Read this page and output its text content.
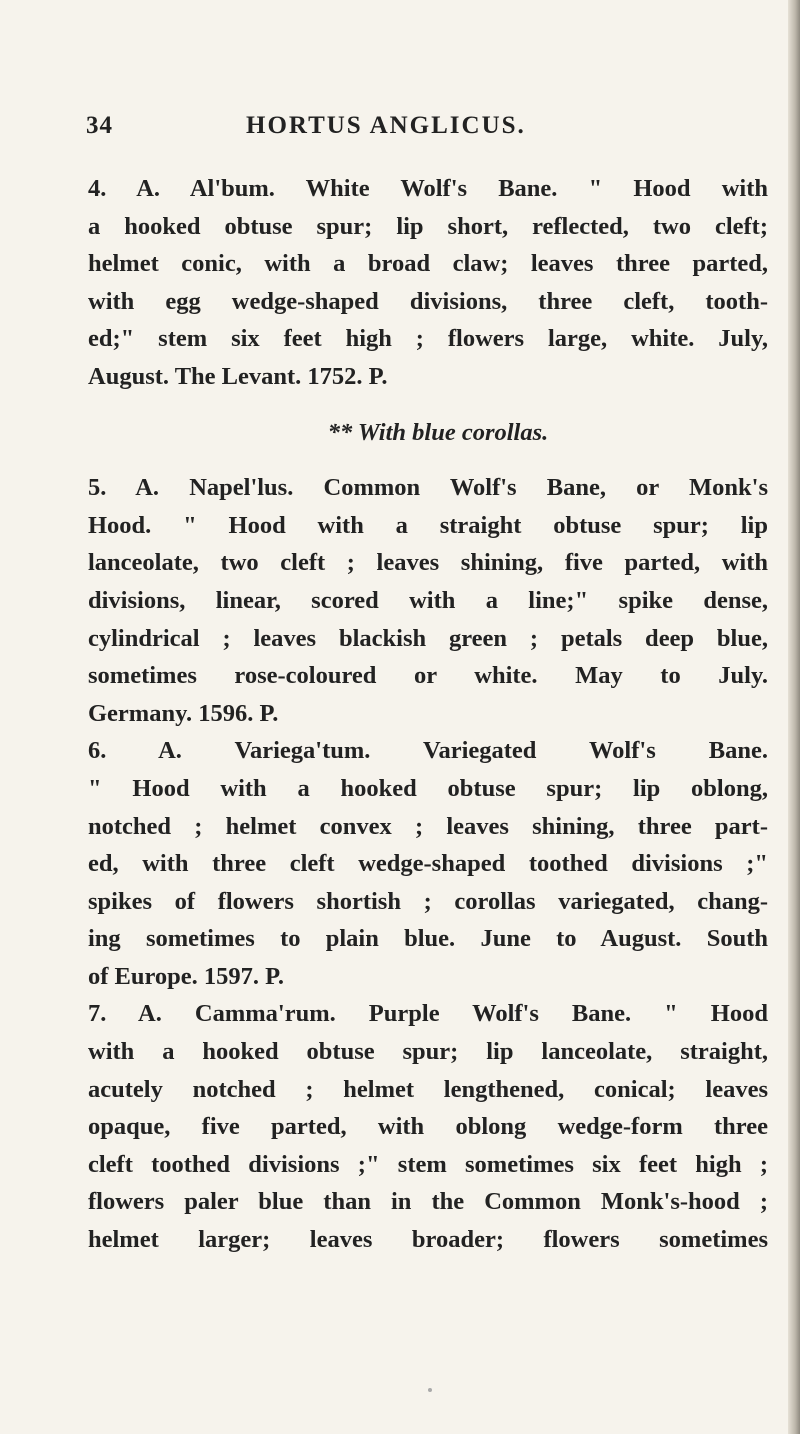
34	HORTUS ANGLICUS.
4. A. Al'bum. White Wolf's Bane. " Hood with
a hooked obtuse spur; lip short, reflected, two cleft;
helmet conic, with a broad claw; leaves three parted,
with egg wedge-shaped divisions, three cleft, tooth-
ed;" stem six feet high ; flowers large, white. July,
August. The Levant. 1752. P.
** With blue corollas.
5. A. Napel'lus. Common Wolf's Bane, or Monk's
Hood. " Hood with a straight obtuse spur; lip
lanceolate, two cleft ; leaves shining, five parted, with
divisions, linear, scored with a line;" spike dense,
cylindrical ; leaves blackish green ; petals deep blue,
sometimes rose-coloured or white. May to July.
Germany. 1596. P.
6. A. Variega'tum. Variegated Wolf's Bane.
" Hood with a hooked obtuse spur; lip oblong,
notched ; helmet convex ; leaves shining, three part-
ed, with three cleft wedge-shaped toothed divisions ;"
spikes of flowers shortish ; corollas variegated, chang-
ing sometimes to plain blue. June to August. South
of Europe. 1597. P.
7. A. Camma'rum. Purple Wolf's Bane. " Hood
with a hooked obtuse spur; lip lanceolate, straight,
acutely notched ; helmet lengthened, conical; leaves
opaque, five parted, with oblong wedge-form three
cleft toothed divisions ;" stem sometimes six feet high ;
flowers paler blue than in the Common Monk's-hood ;
helmet larger; leaves broader; flowers sometimes
